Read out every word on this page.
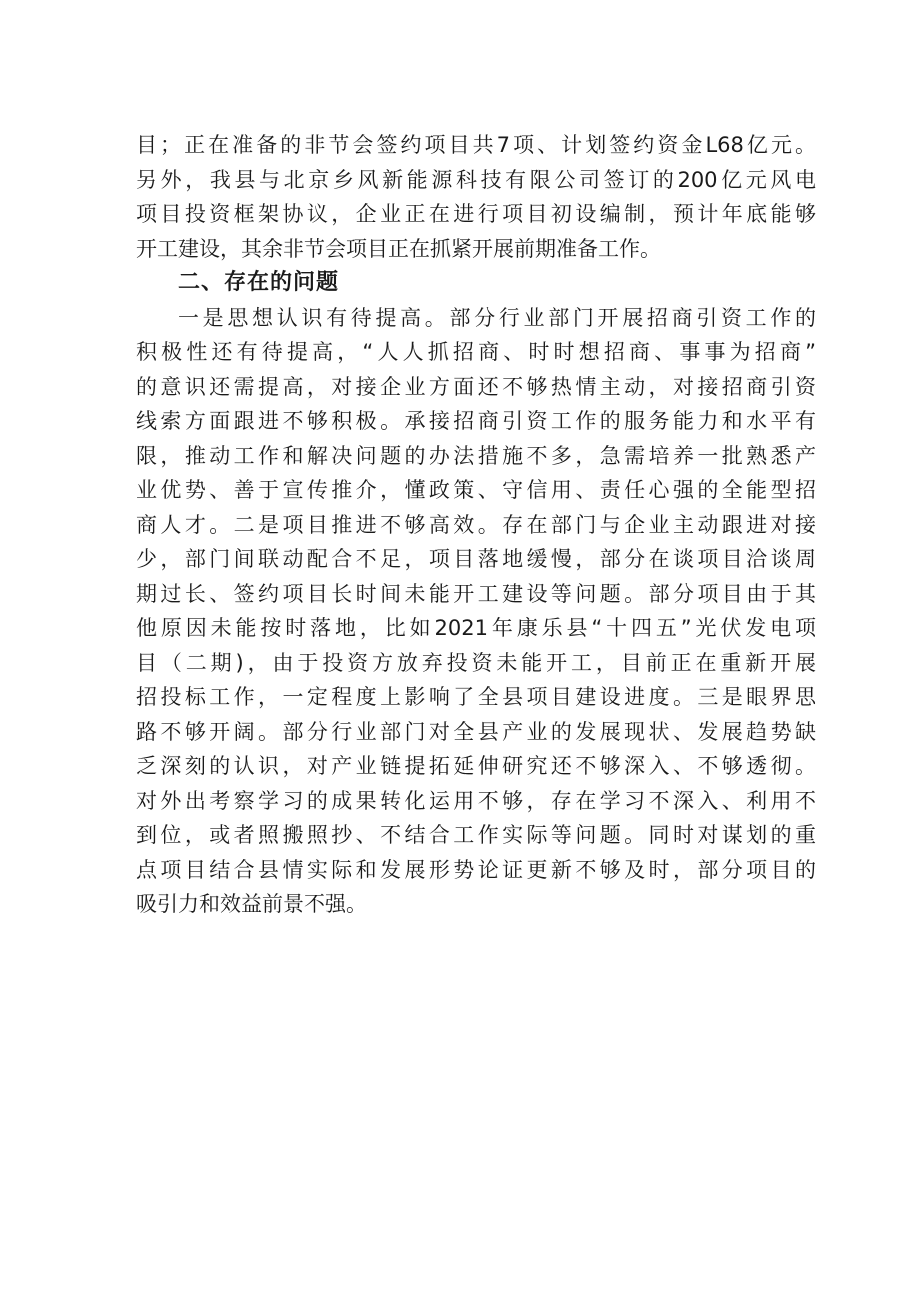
目；正在准备的非节会签约项目共7项、计划签约资金L68亿元。
另外，我县与北京乡风新能源科技有限公司签订的200亿元风电
项目投资框架协议，企业正在进行项目初设编制，预计年底能够
开工建设，其余非节会项目正在抓紧开展前期准备工作。
二、存在的问题
一是思想认识有待提高。部分行业部门开展招商引资工作的
积极性还有待提高，“人人抓招商、时时想招商、事事为招商”
的意识还需提高，对接企业方面还不够热情主动，对接招商引资
线索方面跟进不够积极。承接招商引资工作的服务能力和水平有
限，推动工作和解决问题的办法措施不多，急需培养一批熟悉产
业优势、善于宣传推介，懂政策、守信用、责任心强的全能型招
商人才。二是项目推进不够高效。存在部门与企业主动跟进对接
少，部门间联动配合不足，项目落地缓慢，部分在谈项目洽谈周
期过长、签约项目长时间未能开工建设等问题。部分项目由于其
他原因未能按时落地，比如2021年康乐县“十四五”光伏发电项
目（二期)，由于投资方放弃投资未能开工，目前正在重新开展
招投标工作，一定程度上影响了全县项目建设进度。三是眼界思
路不够开阔。部分行业部门对全县产业的发展现状、发展趋势缺
乏深刻的认识，对产业链提拓延伸研究还不够深入、不够透彻。
对外出考察学习的成果转化运用不够，存在学习不深入、利用不
到位，或者照搬照抄、不结合工作实际等问题。同时对谋划的重
点项目结合县情实际和发展形势论证更新不够及时，部分项目的
吸引力和效益前景不强。
